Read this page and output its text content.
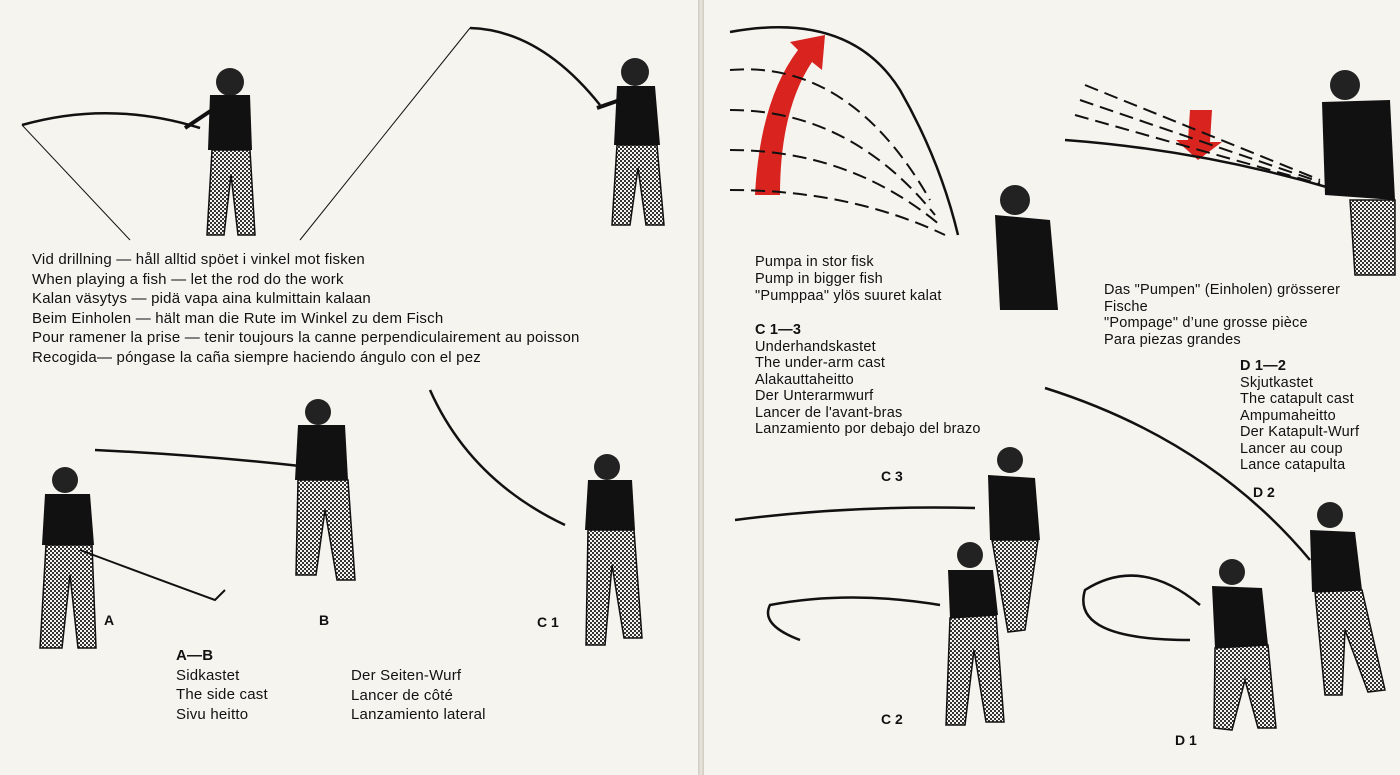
Vid drillning — håll alltid spöet i vinkel mot fisken
When playing a fish — let the rod do the work
Kalan väsytys — pidä vapa aina kulmittain kalaan
Beim Einholen — hält man die Rute im Winkel zu dem Fisch
Pour ramener la prise — tenir toujours la canne perpendiculairement au poisson
Recogida— póngase la caña siempre haciendo ángulo con el pez
A	B	C 1
A—B
Sidkastet
The side cast
Sivu heitto
Der Seiten-Wurf
Lancer de côté
Lanzamiento lateral
Pumpa in stor fisk
Pump in bigger fish
"Pumppaa" ylös suuret kalat	Das "Pumpen" (Einholen) grösserer
Fische
"Pompage" d’une grosse pièce
Para piezas grandes
C 1—3
Underhandskastet
The under-arm cast
Alakauttaheitto
Der Unterarmwurf
Lancer de l'avant-bras
Lanzamiento por debajo del brazo
D 1—2
Skjutkastet
The catapult cast
Ampumaheitto
Der Katapult-Wurf
Lancer au coup
Lance catapulta
C 3
D 2
C 2
D 1
